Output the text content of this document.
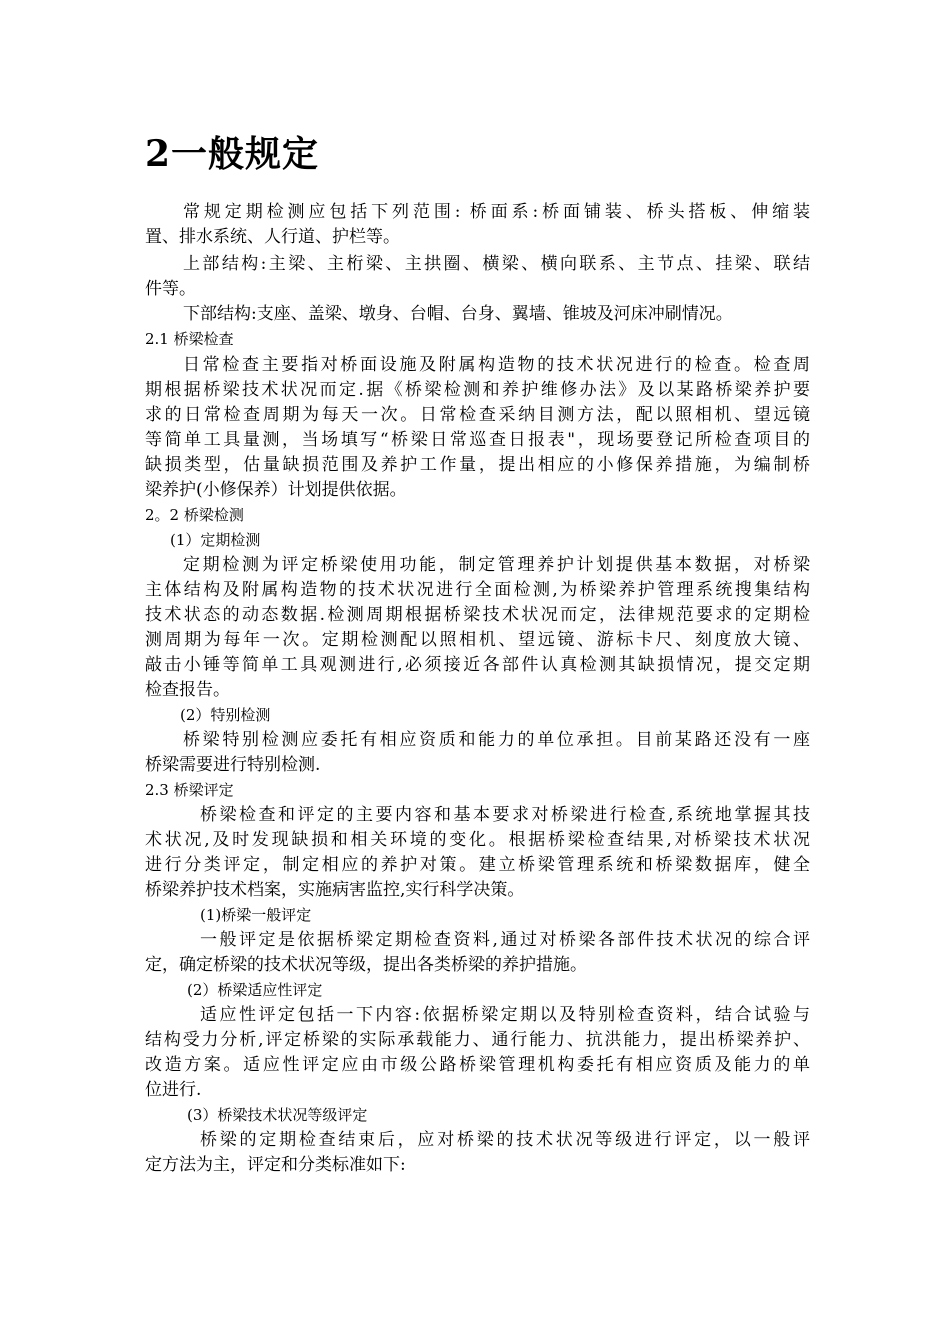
2一般规定
常规定期检测应包括下列范围: 桥面系:桥面铺装、桥头搭板、伸缩装
置、排水系统、人行道、护栏等。
上部结构:主梁、主桁梁、主拱圈、横梁、横向联系、主节点、挂梁、联结
件等。
下部结构:支座、盖梁、墩身、台帽、台身、翼墙、锥坡及河床冲刷情况。
2.1 桥梁检查
日常检查主要指对桥面设施及附属构造物的技术状况进行的检查。检查周
期根据桥梁技术状况而定.据《桥梁检测和养护维修办法》及以某路桥梁养护要
求的日常检查周期为每天一次。日常检查采纳目测方法，配以照相机、望远镜
等简单工具量测，当场填写“桥梁日常巡查日报表"，现场要登记所检查项目的
缺损类型，估量缺损范围及养护工作量，提出相应的小修保养措施，为编制桥
梁养护(小修保养）计划提供依据。
2。2 桥梁检测
(1）定期检测
定期检测为评定桥梁使用功能，制定管理养护计划提供基本数据，对桥梁
主体结构及附属构造物的技术状况进行全面检测,为桥梁养护管理系统搜集结构
技术状态的动态数据.检测周期根据桥梁技术状况而定，法律规范要求的定期检
测周期为每年一次。定期检测配以照相机、望远镜、游标卡尺、刻度放大镜、
敲击小锤等简单工具观测进行,必须接近各部件认真检测其缺损情况，提交定期
检查报告。
(2）特别检测
桥梁特别检测应委托有相应资质和能力的单位承担。目前某路还没有一座
桥梁需要进行特别检测.
2.3 桥梁评定
桥梁检查和评定的主要内容和基本要求对桥梁进行检查,系统地掌握其技
术状况,及时发现缺损和相关环境的变化。根据桥梁检查结果,对桥梁技术状况
进行分类评定，制定相应的养护对策。建立桥梁管理系统和桥梁数据库，健全
桥梁养护技术档案，实施病害监控,实行科学决策。
(1)桥梁一般评定
一般评定是依据桥梁定期检查资料,通过对桥梁各部件技术状况的综合评
定，确定桥梁的技术状况等级，提出各类桥梁的养护措施。
(2）桥梁适应性评定
适应性评定包括一下内容:依据桥梁定期以及特别检查资料，结合试验与
结构受力分析,评定桥梁的实际承载能力、通行能力、抗洪能力，提出桥梁养护、
改造方案。适应性评定应由市级公路桥梁管理机构委托有相应资质及能力的单
位进行.
(3）桥梁技术状况等级评定
桥梁的定期检查结束后，应对桥梁的技术状况等级进行评定，以一般评
定方法为主，评定和分类标准如下:
